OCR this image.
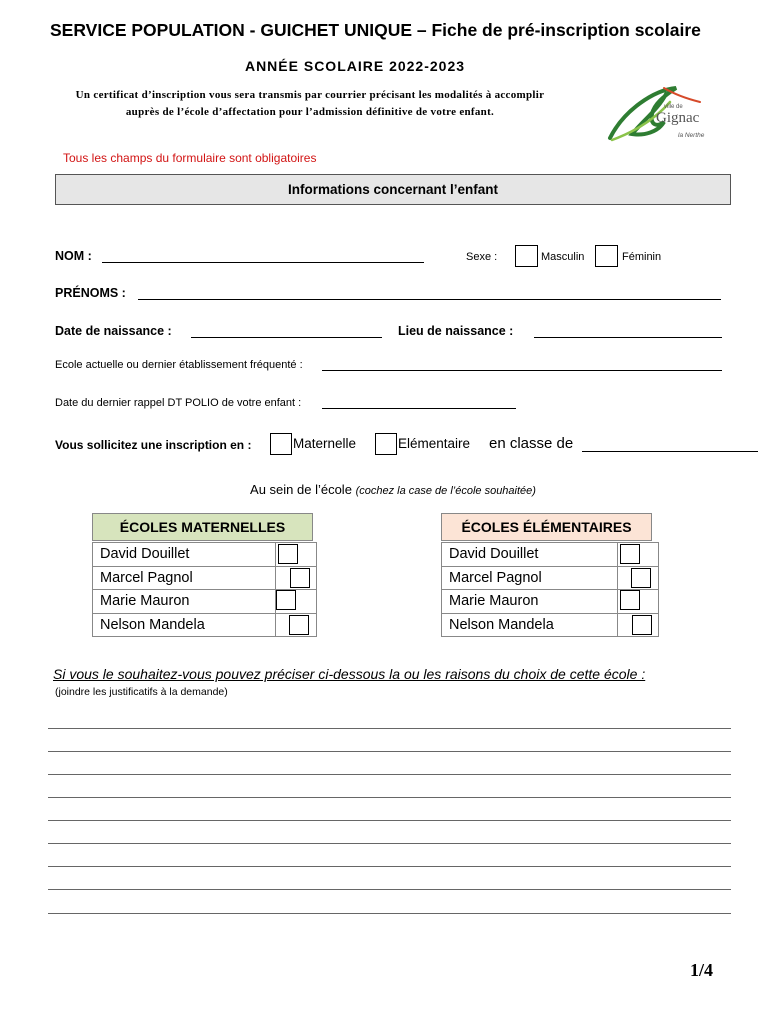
SERVICE POPULATION - GUICHET UNIQUE – Fiche de pré-inscription scolaire
ANNÉE SCOLAIRE 2022-2023
Un certificat d’inscription vous sera transmis par courrier précisant les modalités à accomplir
auprès de l’école d’affectation pour l’admission définitive de votre enfant.	ville de
Gignac
la Nerthe
Tous les champs du formulaire sont obligatoires
Informations concernant l’enfant
NOM :	Sexe :	Masculin	Féminin
PRÉNOMS :
Date de naissance :	Lieu de naissance :
Ecole actuelle ou dernier établissement fréquenté :
Date du dernier rappel DT POLIO de votre enfant :
Vous sollicitez une inscription en :	Maternelle	Elémentaire en classe de
Au sein de l’école (cochez la case de l’école souhaitée)
ÉCOLES MATERNELLES
David Douillet	

Marcel Pagnol	

Marie Mauron	

Nelson Mandela	
ÉCOLES ÉLÉMENTAIRES
David Douillet	

Marcel Pagnol	

Marie Mauron	

Nelson Mandela	
Si vous le souhaitez-vous pouvez préciser ci-dessous la ou les raisons du choix de cette école :
(joindre les justificatifs à la demande)
1/4
